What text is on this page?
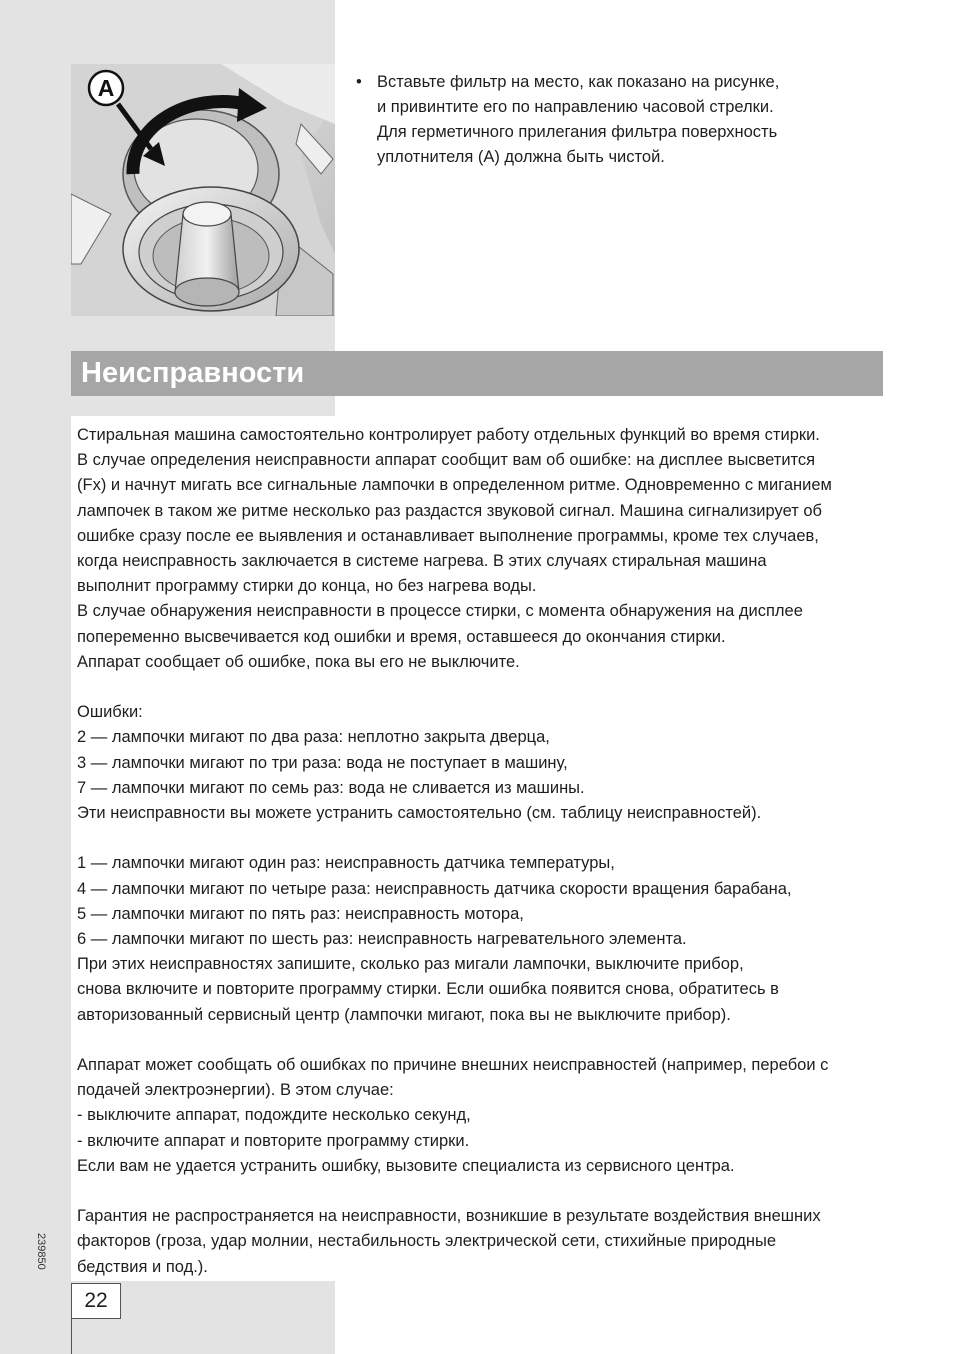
A	• Вставьте фильтр на место, как показано на рисунке,
и привинтите его по направлению часовой стрелки.
Для герметичного прилегания фильтра поверхность
уплотнителя (А) должна быть чистой.
Неисправности
Стиральная машина самостоятельно контролирует работу отдельных функций во время стирки.
В случае определения неисправности аппарат сообщит вам об ошибке: на дисплее высветится
(Fx) и начнут мигать все сигнальные лампочки в определенном ритме. Одновременно с миганием
лампочек в таком же ритме несколько раз раздастся звуковой сигнал. Машина сигнализирует об
ошибке сразу после ее выявления и останавливает выполнение программы, кроме тех случаев,
когда неисправность заключается в системе нагрева. В этих случаях стиральная машина
выполнит программу стирки до конца, но без нагрева воды.
В случае обнаружения неисправности в процессе стирки, с момента обнаружения на дисплее
попеременно высвечивается код ошибки и время, оставшееся до окончания стирки.
Аппарат сообщает об ошибке, пока вы его не выключите.
Ошибки:
2 — лампочки мигают по два раза: неплотно закрыта дверца,
3 — лампочки мигают по три раза: вода не поступает в машину,
7 — лампочки мигают по семь раз: вода не сливается из машины.
Эти неисправности вы можете устранить самостоятельно (см. таблицу неисправностей).
1 — лампочки мигают один раз: неисправность датчика температуры,
4 — лампочки мигают по четыре раза: неисправность датчика скорости вращения барабана,
5 — лампочки мигают по пять раз: неисправность мотора,
6 — лампочки мигают по шесть раз: неисправность нагревательного элемента.
При этих неисправностях запишите, сколько раз мигали лампочки, выключите прибор,
снова включите и повторите программу стирки. Если ошибка появится снова, обратитесь в
авторизованный сервисный центр (лампочки мигают, пока вы не выключите прибор).
Аппарат может сообщать об ошибках по причине внешних неисправностей (например, перебои с
подачей электроэнергии). В этом случае:
- выключите аппарат, подождите несколько секунд,
- включите аппарат и повторите программу стирки.
Если вам не удается устранить ошибку, вызовите специалиста из сервисного центра.
Гарантия не распространяется на неисправности, возникшие в результате воздействия внешних
факторов (гроза, удар молнии, нестабильность электрической сети, стихийные природные
бедствия и под.).
239850
22
